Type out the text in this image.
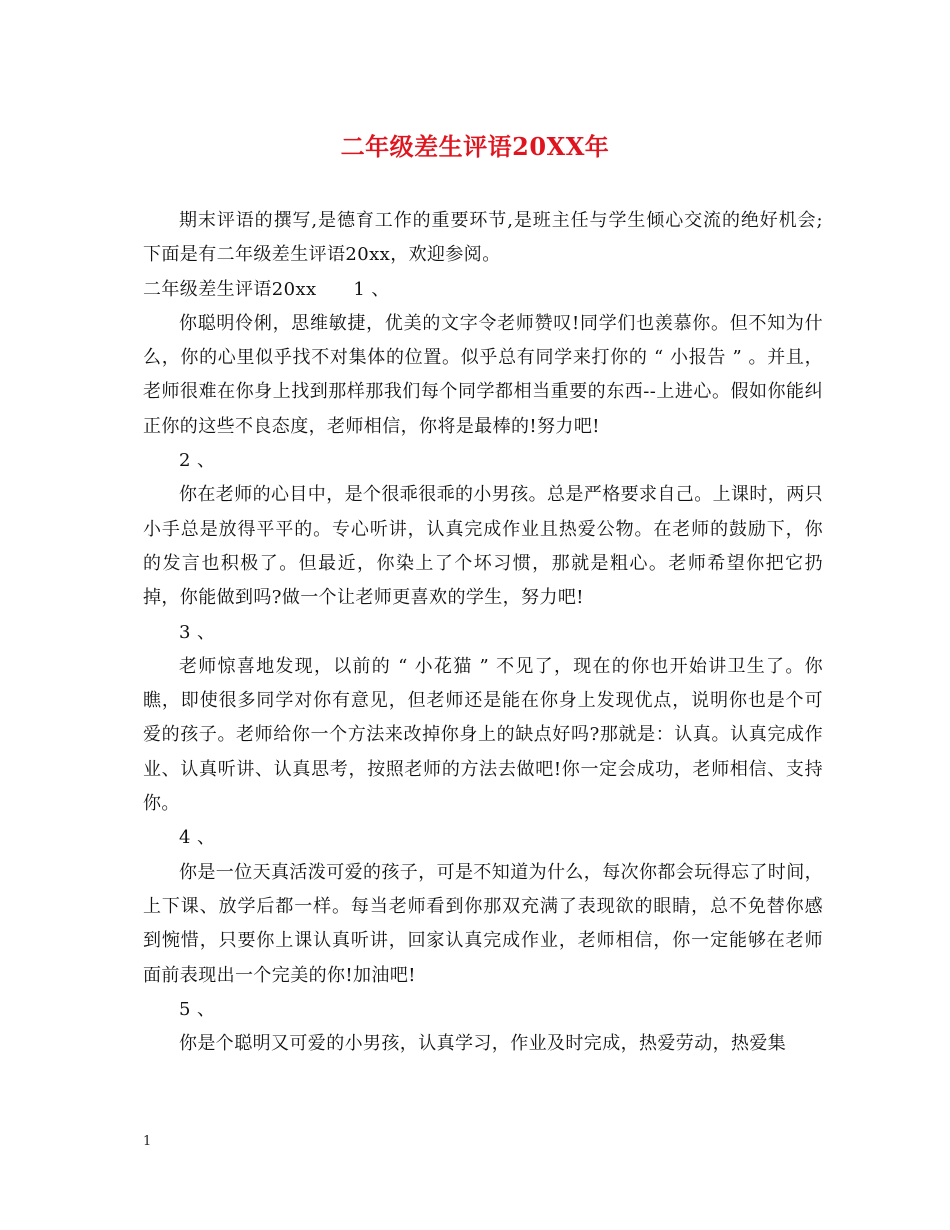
二年级差生评语20XX年

期末评语的撰写,是德育工作的重要环节,是班主任与学生倾心交流的绝好机会;下面是有二年级差生评语20xx，欢迎参阅。

二年级差生评语20xx　　1 、

你聪明伶俐，思维敏捷，优美的文字令老师赞叹!同学们也羡慕你。但不知为什么，你的心里似乎找不对集体的位置。似乎总有同学来打你的 “ 小报告 ” 。并且，老师很难在你身上找到那样那我们每个同学都相当重要的东西--上进心。假如你能纠正你的这些不良态度，老师相信，你将是最棒的!努力吧!

2 、

你在老师的心目中，是个很乖很乖的小男孩。总是严格要求自己。上课时，两只小手总是放得平平的。专心听讲，认真完成作业且热爱公物。在老师的鼓励下，你的发言也积极了。但最近，你染上了个坏习惯，那就是粗心。老师希望你把它扔掉，你能做到吗?做一个让老师更喜欢的学生，努力吧!

3 、

老师惊喜地发现，以前的 “ 小花猫 ” 不见了，现在的你也开始讲卫生了。你瞧，即使很多同学对你有意见，但老师还是能在你身上发现优点，说明你也是个可爱的孩子。老师给你一个方法来改掉你身上的缺点好吗?那就是：认真。认真完成作业、认真听讲、认真思考，按照老师的方法去做吧!你一定会成功，老师相信、支持你。

4 、

你是一位天真活泼可爱的孩子，可是不知道为什么，每次你都会玩得忘了时间，上下课、放学后都一样。每当老师看到你那双充满了表现欲的眼睛，总不免替你感到惋惜，只要你上课认真听讲，回家认真完成作业，老师相信，你一定能够在老师面前表现出一个完美的你!加油吧!

5 、

你是个聪明又可爱的小男孩，认真学习，作业及时完成，热爱劳动，热爱集

1
